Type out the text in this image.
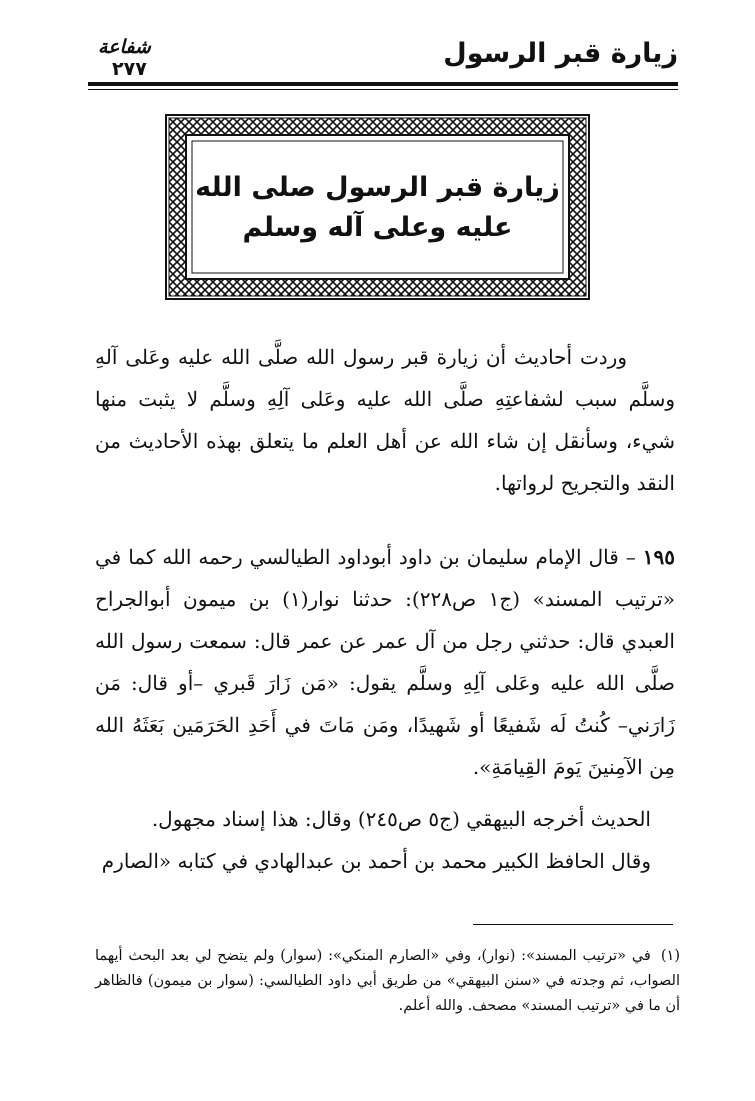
زيارة قبر الرسول
شفاعة
٢٧٧
زيارة قبر الرسول صلى الله
عليه وعلى آله وسلم

وردت أحاديث أن زيارة قبر رسول الله صلَّى الله عليه وعَلى آلهِ وسلَّم سبب لشفاعتِهِ صلَّى الله عليه وعَلى آلِهِ وسلَّم لا يثبت منها شيء، وسأنقل إن شاء الله عن أهل العلم ما يتعلق بهذه الأحاديث من النقد والتجريح لرواتها.

١٩٥ – قال الإمام سليمان بن داود أبوداود الطيالسي رحمه الله كما في «ترتيب المسند» (ج١ ص٢٢٨): حدثنا نوار(١) بن ميمون أبوالجراح العبدي قال: حدثني رجل من آل عمر عن عمر قال: سمعت رسول الله صلَّى الله عليه وعَلى آلِهِ وسلَّم يقول: «مَن زَارَ قَبري –أو قال: مَن زَارَني– كُنتُ لَه شَفيعًا أو شَهيدًا، ومَن مَاتَ في أَحَدِ الحَرَمَين بَعَثَهُ الله مِن الآمِنينَ يَومَ القِيامَةِ».

الحديث أخرجه البيهقي (ج٥ ص٢٤٥) وقال: هذا إسناد مجهول.

وقال الحافظ الكبير محمد بن أحمد بن عبدالهادي في كتابه «الصارم

(١)في «ترتيب المسند»: (نوار)، وفي «الصارم المنكي»: (سوار) ولم يتضح لي بعد البحث أيهما الصواب، ثم وجدته في «سنن البيهقي» من طريق أبي داود الطيالسي: (سوار بن ميمون) فالظاهر أن ما في «ترتيب المسند» مصحف. والله أعلم.
